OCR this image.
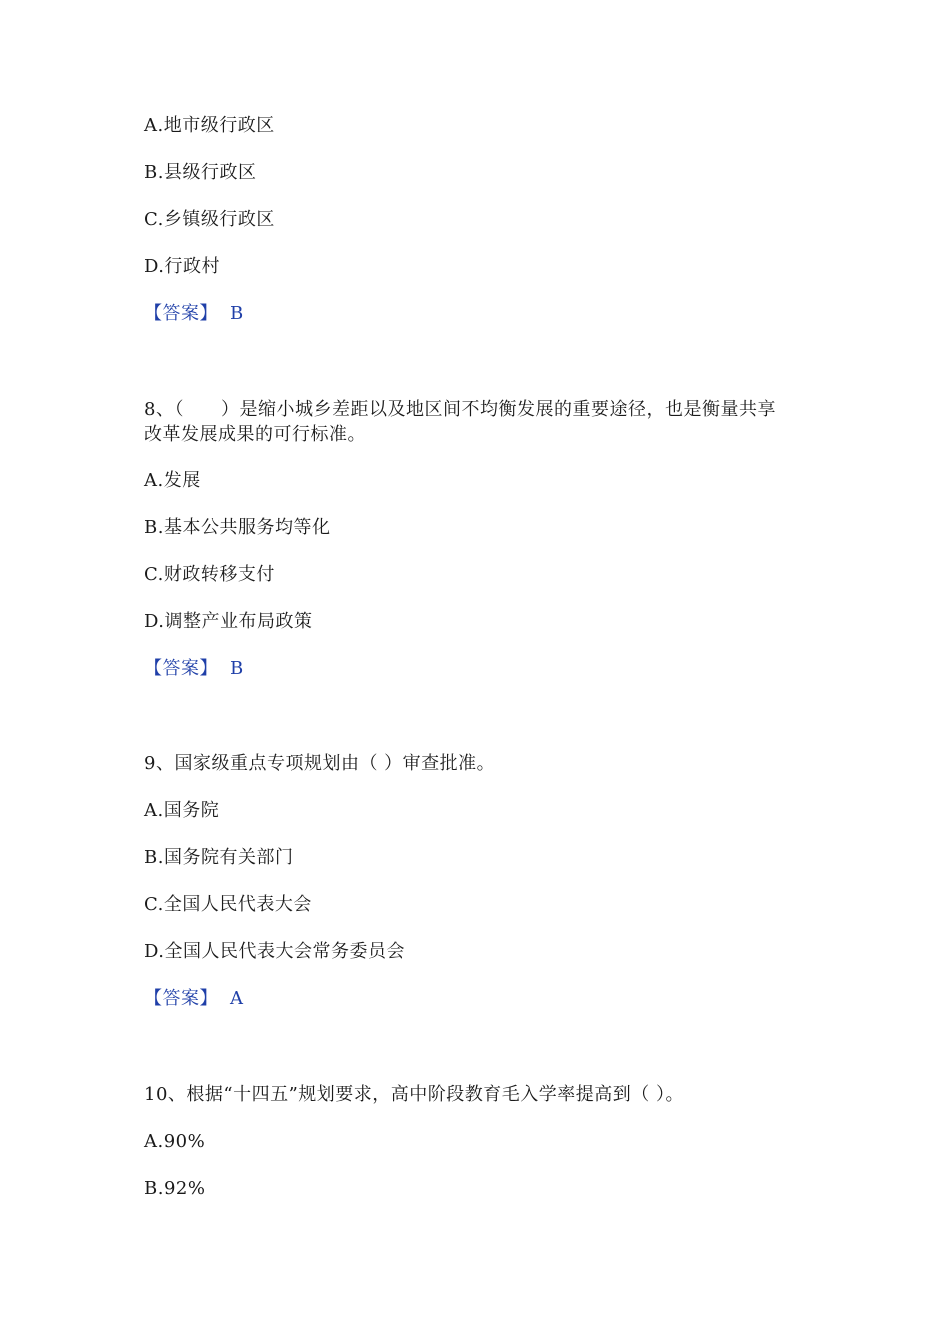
A.地市级行政区
B.县级行政区
C.乡镇级行政区
D.行政村
【答案】 B
8、（　　）是缩小城乡差距以及地区间不均衡发展的重要途径，也是衡量共享
改革发展成果的可行标准。
A.发展
B.基本公共服务均等化
C.财政转移支付
D.调整产业布局政策
【答案】 B
9、国家级重点专项规划由（ ）审查批准。
A.国务院
B.国务院有关部门
C.全国人民代表大会
D.全国人民代表大会常务委员会
【答案】 A
10、根据“十四五”规划要求，高中阶段教育毛入学率提高到（ ）。
A.90%
B.92%
